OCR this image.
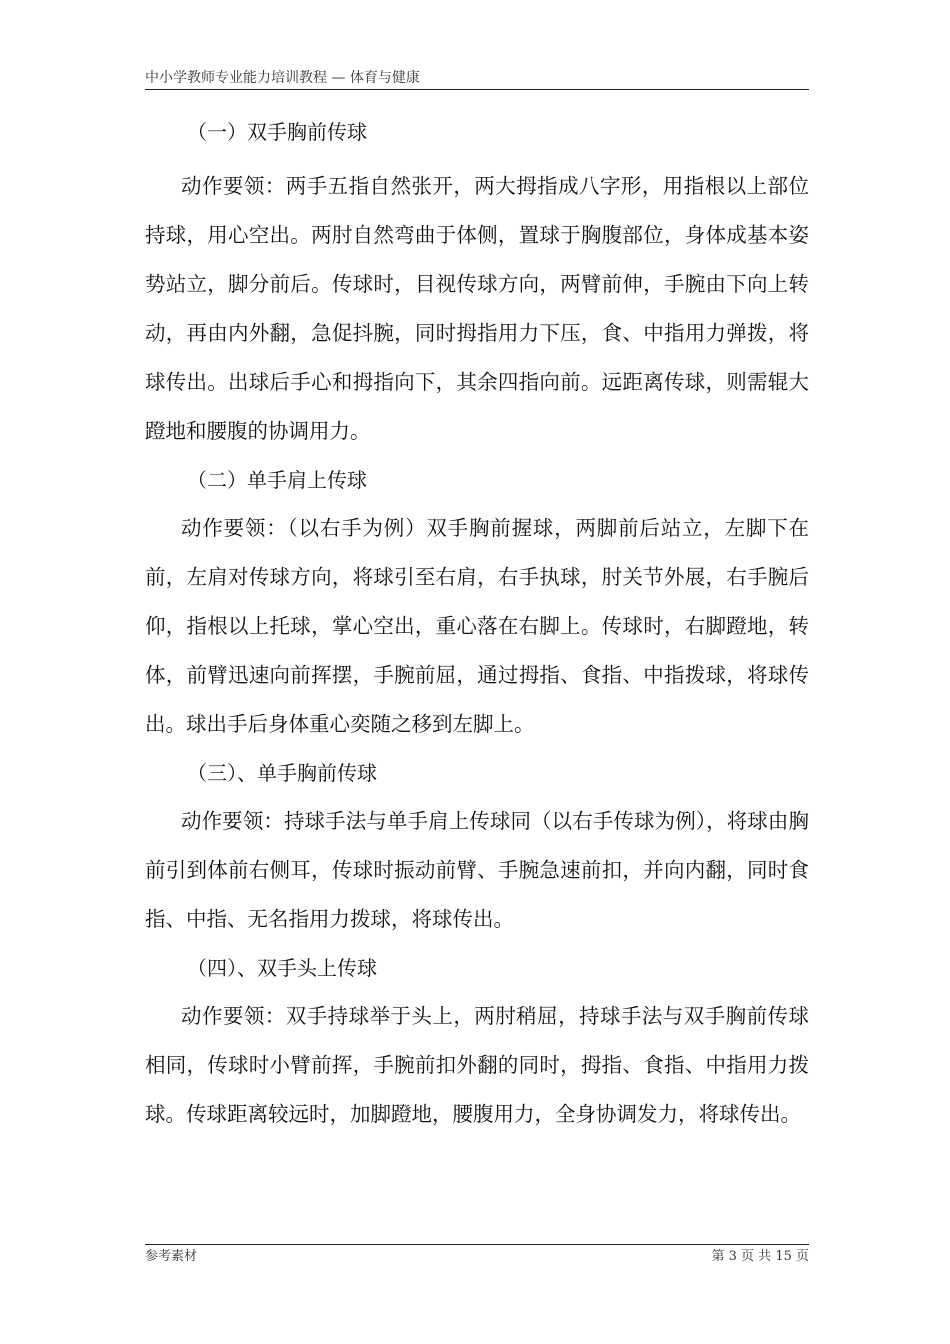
中小学教师专业能力培训教程 — 体育与健康

（一）双手胸前传球

动作要领：两手五指自然张开，两大拇指成八字形，用指根以上部位持球，用心空出。两肘自然弯曲于体侧，置球于胸腹部位，身体成基本姿势站立，脚分前后。传球时，目视传球方向，两臂前伸，手腕由下向上转动，再由内外翻，急促抖腕，同时拇指用力下压，食、中指用力弹拨，将球传出。出球后手心和拇指向下，其余四指向前。远距离传球，则需辊大蹬地和腰腹的协调用力。

（二）单手肩上传球

动作要领：（以右手为例）双手胸前握球，两脚前后站立，左脚下在前，左肩对传球方向，将球引至右肩，右手执球，肘关节外展，右手腕后仰，指根以上托球，掌心空出，重心落在右脚上。传球时，右脚蹬地，转体，前臂迅速向前挥摆，手腕前屈，通过拇指、食指、中指拨球，将球传出。球出手后身体重心奕随之移到左脚上。

（三）、单手胸前传球

动作要领：持球手法与单手肩上传球同（以右手传球为例），将球由胸前引到体前右侧耳，传球时振动前臂、手腕急速前扣，并向内翻，同时食指、中指、无名指用力拨球，将球传出。

（四）、双手头上传球

动作要领：双手持球举于头上，两肘稍屈，持球手法与双手胸前传球相同，传球时小臂前挥，手腕前扣外翻的同时，拇指、食指、中指用力拨球。传球距离较远时，加脚蹬地，腰腹用力，全身协调发力，将球传出。

参考素材	第 3 页 共 15 页
